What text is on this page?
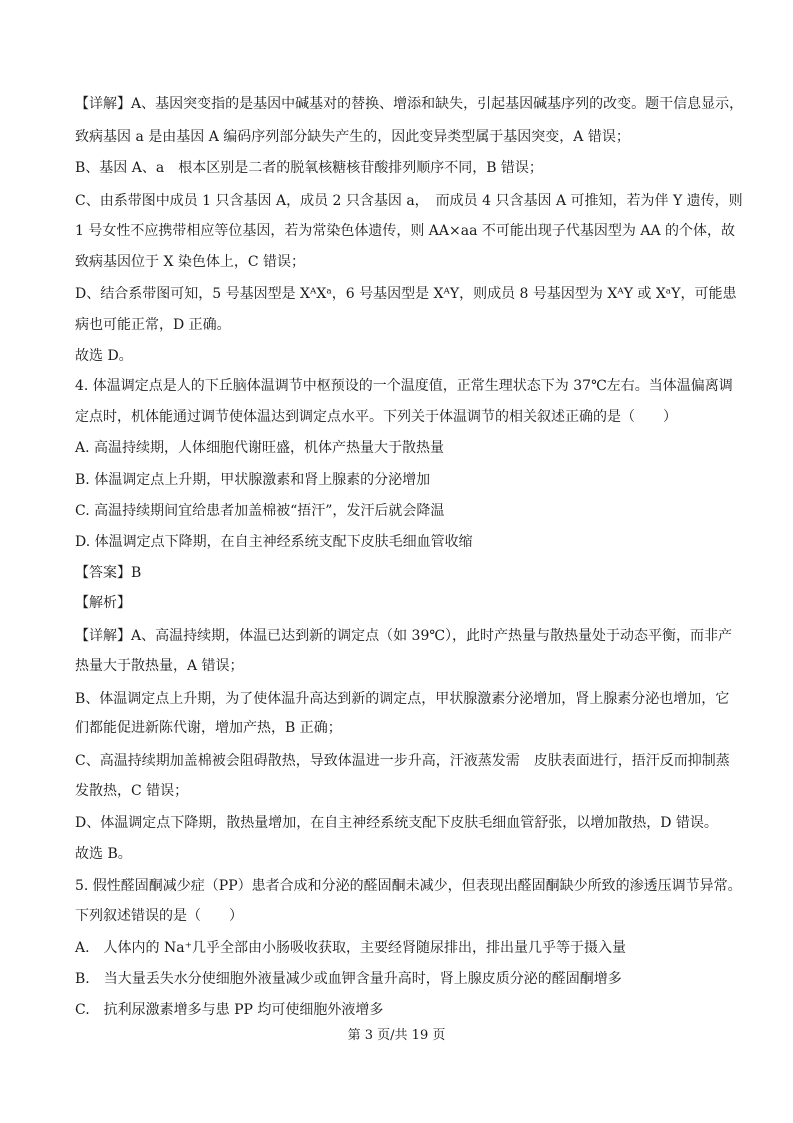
【详解】A、基因突变指的是基因中碱基对的替换、增添和缺失，引起基因碱基序列的改变。题干信息显示，
致病基因 a 是由基因 A 编码序列部分缺失产生的，因此变异类型属于基因突变，A 错误；
B、基因 A、a　根本区别是二者的脱氧核糖核苷酸排列顺序不同，B 错误；
C、由系带图中成员 1 只含基因 A，成员 2 只含基因 a，　而成员 4 只含基因 A 可推知，若为伴 Y 遗传，则
1 号女性不应携带相应等位基因，若为常染色体遗传，则 AA×aa 不可能出现子代基因型为 AA 的个体，故
致病基因位于 X 染色体上，C 错误；
D、结合系带图可知，5 号基因型是 XᴬXᵃ，6 号基因型是 XᴬY，则成员 8 号基因型为 XᴬY 或 XᵃY，可能患
病也可能正常，D 正确。
故选 D。
4. 体温调定点是人的下丘脑体温调节中枢预设的一个温度值，正常生理状态下为 37℃左右。当体温偏离调
定点时，机体能通过调节使体温达到调定点水平。下列关于体温调节的相关叙述正确的是（　　）
A. 高温持续期，人体细胞代谢旺盛，机体产热量大于散热量
B. 体温调定点上升期，甲状腺激素和肾上腺素的分泌增加
C. 高温持续期间宜给患者加盖棉被“捂汗”，发汗后就会降温
D. 体温调定点下降期，在自主神经系统支配下皮肤毛细血管收缩
【答案】B
【解析】
【详解】A、高温持续期，体温已达到新的调定点（如 39℃），此时产热量与散热量处于动态平衡，而非产
热量大于散热量，A 错误；
B、体温调定点上升期，为了使体温升高达到新的调定点，甲状腺激素分泌增加，肾上腺素分泌也增加，它
们都能促进新陈代谢，增加产热，B 正确；
C、高温持续期加盖棉被会阻碍散热，导致体温进一步升高，汗液蒸发需　皮肤表面进行，捂汗反而抑制蒸
发散热，C 错误；
D、体温调定点下降期，散热量增加，在自主神经系统支配下皮肤毛细血管舒张，以增加散热，D 错误。
故选 B。
5. 假性醛固酮减少症（PP）患者合成和分泌的醛固酮未减少，但表现出醛固酮缺少所致的渗透压调节异常。
下列叙述错误的是（　　）
A.　人体内的 Na⁺几乎全部由小肠吸收获取，主要经肾随尿排出，排出量几乎等于摄入量
B.　当大量丢失水分使细胞外液量减少或血钾含量升高时，肾上腺皮质分泌的醛固酮增多
C.　抗利尿激素增多与患 PP 均可使细胞外液增多
第 3 页/共 19 页
